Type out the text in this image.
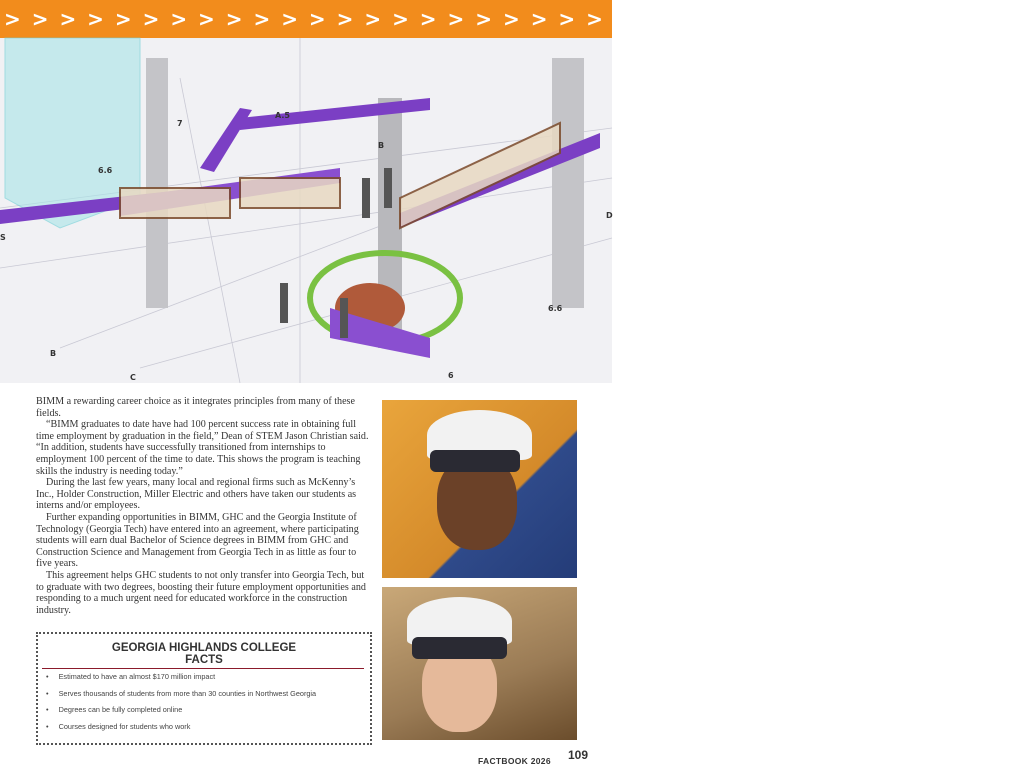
> > > > > > > > > > > > > > > > > > > > > > > > > > > > > > > > > > > > >
A.5
7
B
6.6
B
C	6
6.6
S
D

BIMM a rewarding career choice as it integrates principles from many of these fields.

“BIMM graduates to date have had 100 percent success rate in obtaining full time employment by graduation in the field,” Dean of STEM Jason Christian said. “In addition, students have successfully transitioned from internships to employment 100 percent of the time to date. This shows the program is teaching skills the industry is needing today.”

During the last few years, many local and regional firms such as McKenny’s Inc., Holder Construction, Miller Electric and others have taken our students as interns and/or employees.

Further expanding opportunities in BIMM, GHC and the Georgia Institute of Technology (Georgia Tech) have entered into an agreement, where participating students will earn dual Bachelor of Science degrees in BIMM from GHC and Construction Science and Management from Georgia Tech in as little as four to five years.

This agreement helps GHC students to not only transfer into Georgia Tech, but to graduate with two degrees, boosting their future employment opportunities and responding to a much urgent need for educated workforce in the construction industry.

GEORGIA HIGHLANDS COLLEGE
FACTS
• Estimated to have an almost $170 million impact
• Serves thousands of students from more than 30 counties in Northwest Georgia
• Degrees can be fully completed online
• Courses designed for students who work
FACTBOOK 2026 109
